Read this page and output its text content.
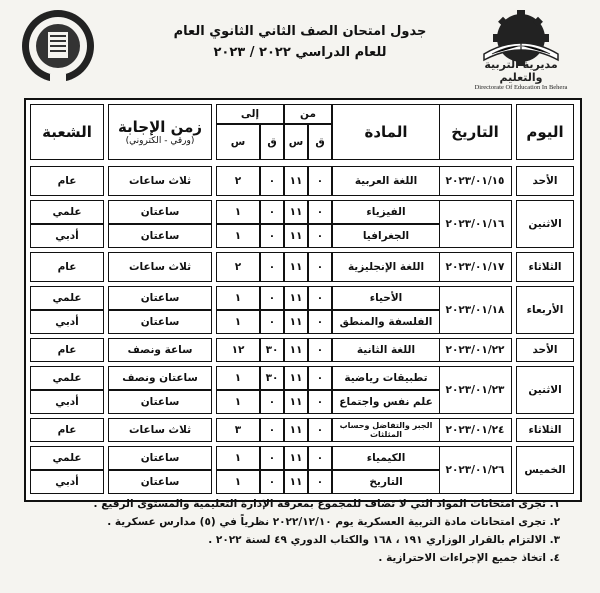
مديرية التربية والتعليم
Directorate Of Education In Behera
جدول امتحان الصف الثاني الثانوي العام
للعام الدراسي ٢٠٢٢ / ٢٠٢٣
اليوم
التاريخ
المادة
من
إلى
ق
س
ق
س
زمن الإجابة
(ورقي - الكتروني)
الشعبة
الأحد
٢٠٢٣/٠١/١٥
اللغة العربية
٠
١١
٠
٢
ثلاث ساعات
عام
الاثنين
٢٠٢٣/٠١/١٦
الفيزياء
٠
١١
٠
١
ساعتان
علمي
الجغرافيا
٠
١١
٠
١
ساعتان
أدبي
الثلاثاء
٢٠٢٣/٠١/١٧
اللغة الإنجليزية
٠
١١
٠
٢
ثلاث ساعات
عام
الأربعاء
٢٠٢٣/٠١/١٨
الأحياء
٠
١١
٠
١
ساعتان
علمي
الفلسفة والمنطق
٠
١١
٠
١
ساعتان
أدبي
الأحد
٢٠٢٣/٠١/٢٢
اللغة الثانية
٠
١١
٣٠
١٢
ساعة ونصف
عام
الاثنين
٢٠٢٣/٠١/٢٣
تطبيقات رياضية
٠
١١
٣٠
١
ساعتان ونصف
علمي
علم نفس واجتماع
٠
١١
٠
١
ساعتان
أدبي
الثلاثاء
٢٠٢٣/٠١/٢٤
الجبر والتفاضل وحساب المثلثات
٠
١١
٠
٣
ثلاث ساعات
عام
الخميس
٢٠٢٣/٠١/٢٦
الكيمياء
٠
١١
٠
١
ساعتان
علمي
التاريخ
٠
١١
٠
١
ساعتان
أدبي
١. تجرى امتحانات المواد التي لا تضاف للمجموع بمعرفة الإدارة التعليمية والمستوى الرفيع .
٢. تجرى امتحانات مادة التربية العسكرية يوم ٢٠٢٢/١٢/١٠ نظرياً في (٥) مدارس عسكرية .
٣. الالتزام بالقرار الوزاري ١٩١ ، ١٦٨ والكتاب الدوري ٤٩ لسنة ٢٠٢٢ .
٤. اتخاذ جميع الإجراءات الاحترازية .
